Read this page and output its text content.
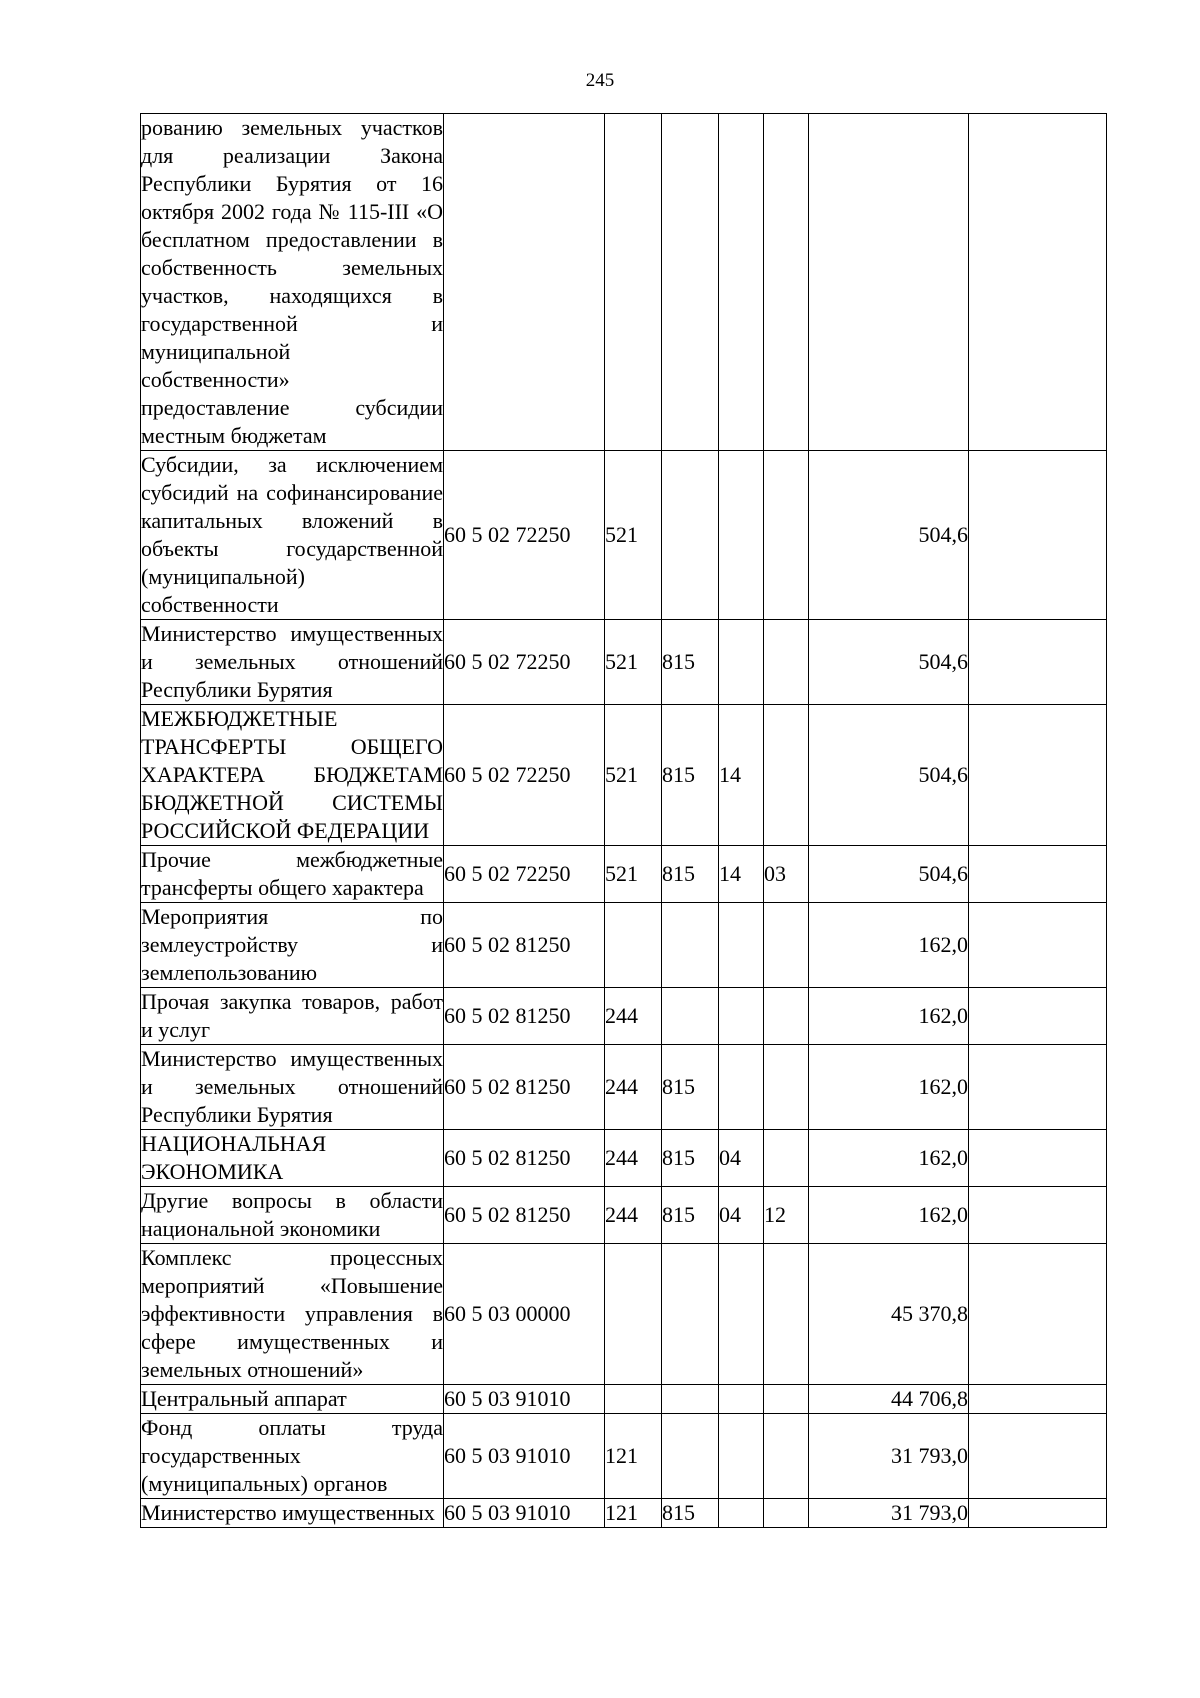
245
рованию земельных участков для реализации Закона Республики Бурятия от 16 октября 2002 года № 115-III «О бесплатном предоставлении в собственность земельных участков, находящихся в государственной и муниципальной собственности» предоставление субсидии местным бюджетам							
Субсидии, за исключением субсидий на софинансирование капитальных вложений в объекты государственной (муниципальной) собственности	60 5 02 72250	521				504,6	
Министерство имущественных и земельных отношений Республики Бурятия	60 5 02 72250	521	815			504,6	
МЕЖБЮДЖЕТНЫЕ ТРАНСФЕРТЫ ОБЩЕГО ХАРАКТЕРА БЮДЖЕТАМ БЮДЖЕТНОЙ СИСТЕМЫ РОССИЙСКОЙ ФЕДЕРАЦИИ	60 5 02 72250	521	815	14		504,6	
Прочие межбюджетные трансферты общего характера	60 5 02 72250	521	815	14	03	504,6	
Мероприятия по землеустройству и землепользованию	60 5 02 81250					162,0	
Прочая закупка товаров, работ и услуг	60 5 02 81250	244				162,0	
Министерство имущественных и земельных отношений Республики Бурятия	60 5 02 81250	244	815			162,0	
НАЦИОНАЛЬНАЯ ЭКОНОМИКА	60 5 02 81250	244	815	04		162,0	
Другие вопросы в области национальной экономики	60 5 02 81250	244	815	04	12	162,0	
Комплекс процессных мероприятий «Повышение эффективности управления в сфере имущественных и земельных отношений»	60 5 03 00000					45 370,8	
Центральный аппарат	60 5 03 91010					44 706,8	
Фонд оплаты труда государственных (муниципальных) органов	60 5 03 91010	121				31 793,0	
Министерство имущественных	60 5 03 91010	121	815			31 793,0	
